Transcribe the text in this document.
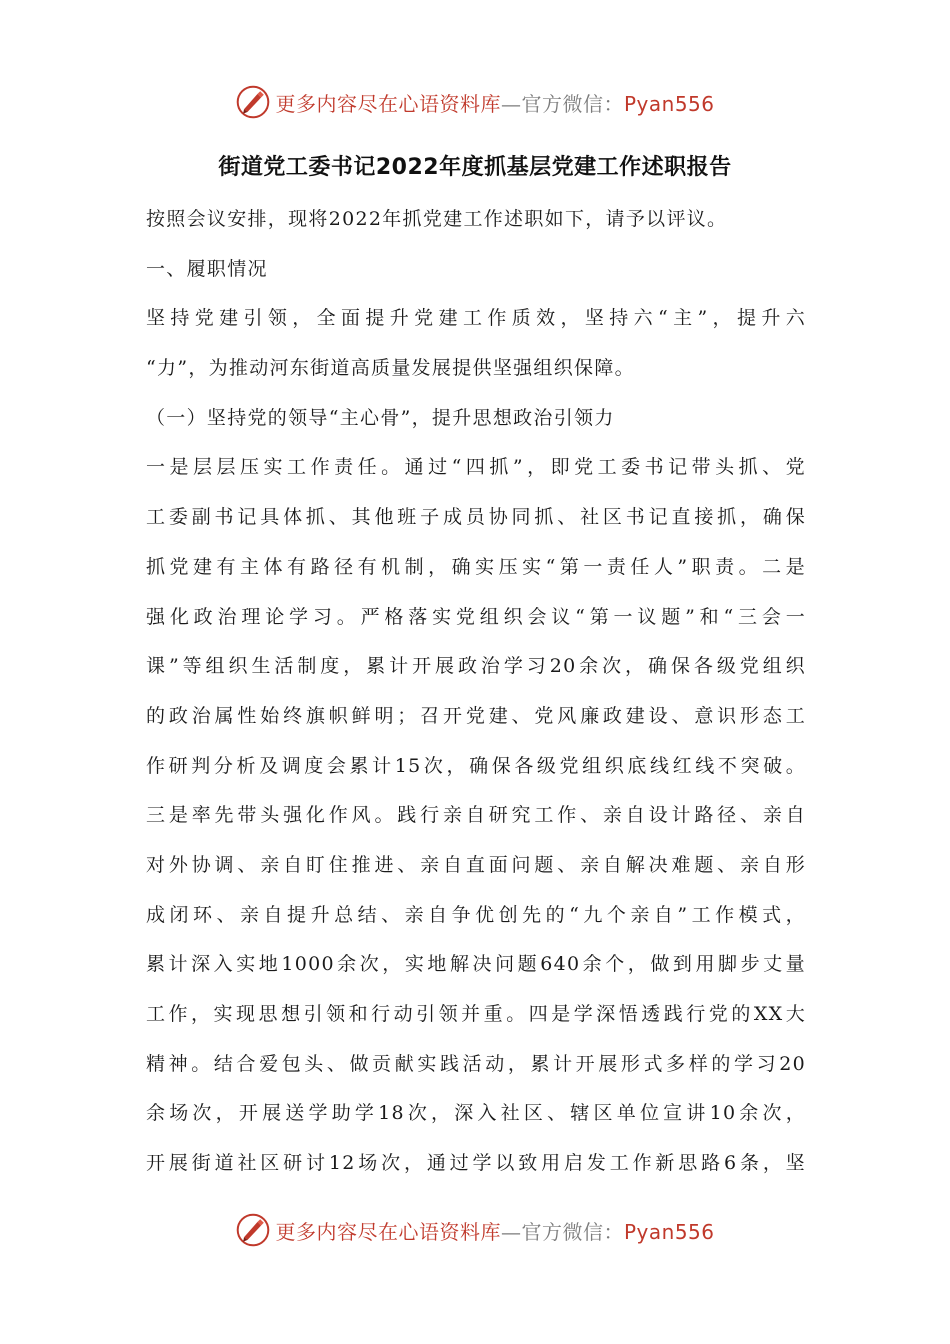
更多内容尽在心语资料库—官方微信：Pyan556
街道党工委书记2022年度抓基层党建工作述职报告
按照会议安排，现将2022年抓党建工作述职如下，请予以评议。
一、履职情况
坚持党建引领，全面提升党建工作质效，坚持六“主”，提升六
“力”，为推动河东街道高质量发展提供坚强组织保障。
（一）坚持党的领导“主心骨”，提升思想政治引领力
一是层层压实工作责任。通过“四抓”，即党工委书记带头抓、党
工委副书记具体抓、其他班子成员协同抓、社区书记直接抓，确保
抓党建有主体有路径有机制，确实压实“第一责任人”职责。二是
强化政治理论学习。严格落实党组织会议“第一议题”和“三会一
课”等组织生活制度，累计开展政治学习20余次，确保各级党组织
的政治属性始终旗帜鲜明；召开党建、党风廉政建设、意识形态工
作研判分析及调度会累计15次，确保各级党组织底线红线不突破。
三是率先带头强化作风。践行亲自研究工作、亲自设计路径、亲自
对外协调、亲自盯住推进、亲自直面问题、亲自解决难题、亲自形
成闭环、亲自提升总结、亲自争优创先的“九个亲自”工作模式，
累计深入实地1000余次，实地解决问题640余个，做到用脚步丈量
工作，实现思想引领和行动引领并重。四是学深悟透践行党的XX大
精神。结合爱包头、做贡献实践活动，累计开展形式多样的学习20
余场次，开展送学助学18次，深入社区、辖区单位宣讲10余次，
开展街道社区研讨12场次，通过学以致用启发工作新思路6条，坚
更多内容尽在心语资料库—官方微信：Pyan556
